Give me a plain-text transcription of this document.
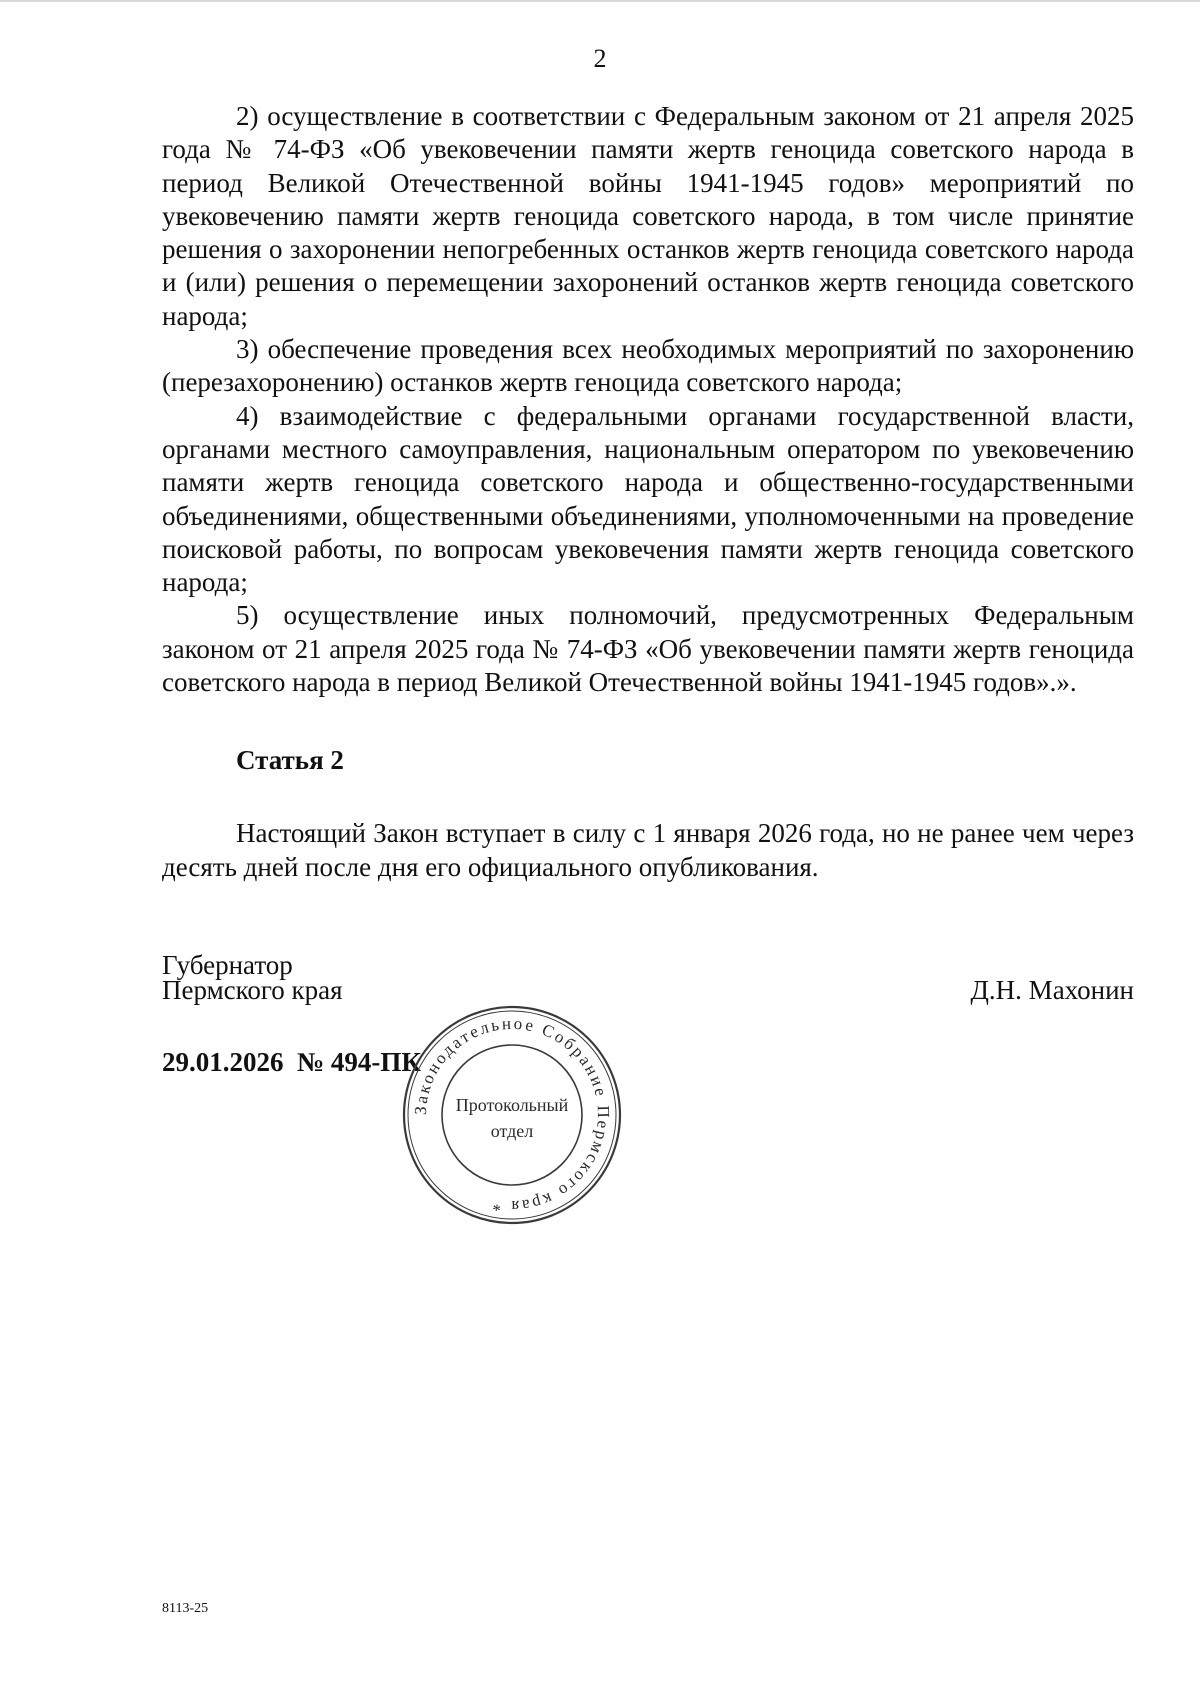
2

2) осуществление в соответствии с Федеральным законом от 21 апреля 2025 года № 74-ФЗ «Об увековечении памяти жертв геноцида советского народа в период Великой Отечественной войны 1941-1945 годов» мероприятий по увековечению памяти жертв геноцида советского народа, в том числе принятие решения о захоронении непогребенных останков жертв геноцида советского народа и (или) решения о перемещении захоронений останков жертв геноцида советского народа;

3) обеспечение проведения всех необходимых мероприятий по захоронению (перезахоронению) останков жертв геноцида советского народа;

4) взаимодействие с федеральными органами государственной власти, органами местного самоуправления, национальным оператором по увековечению памяти жертв геноцида советского народа и общественно-государственными объединениями, общественными объединениями, уполномоченными на проведение поисковой работы, по вопросам увековечения памяти жертв геноцида советского народа;

5) осуществление иных полномочий, предусмотренных Федеральным законом от 21 апреля 2025 года № 74-ФЗ «Об увековечении памяти жертв геноцида советского народа в период Великой Отечественной войны 1941-1945 годов».».

Статья 2

Настоящий Закон вступает в силу с 1 января 2026 года, но не ранее чем через десять дней после дня его официального опубликования.

Губернатор
Пермского края	Д.Н. Махонин
29.01.2026  № 494-ПК
Законодательное Собрание Пермского края *
Протокольный
отдел
8113-25
